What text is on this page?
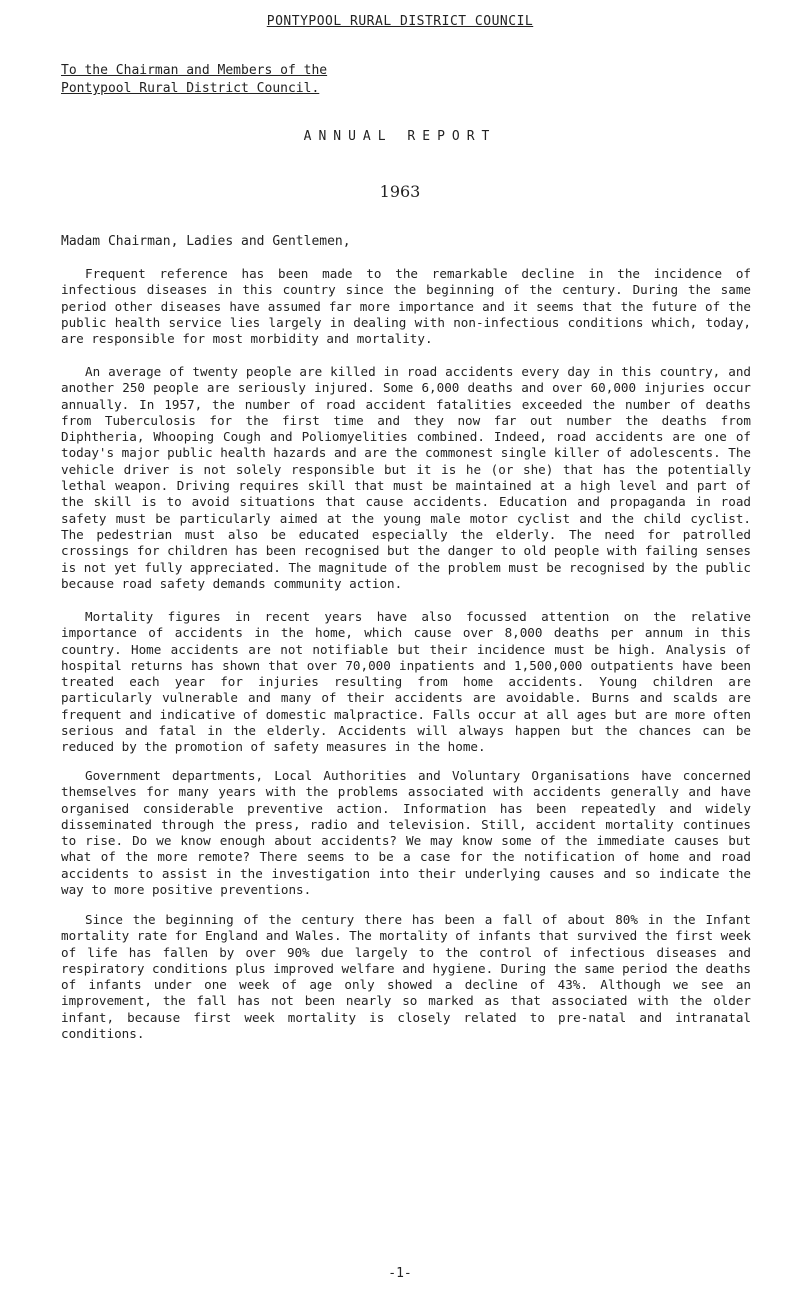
PONTYPOOL RURAL DISTRICT COUNCIL
To the Chairman and Members of the
Pontypool Rural District Council.
ANNUAL REPORT
1963
Madam Chairman, Ladies and Gentlemen,

Frequent reference has been made to the remarkable decline in the incidence of infectious diseases in this country since the beginning of the century. During the same period other diseases have assumed far more importance and it seems that the future of the public health service lies largely in dealing with non-infectious conditions which, today, are responsible for most morbidity and mortality.

An average of twenty people are killed in road accidents every day in this country, and another 250 people are seriously injured. Some 6,000 deaths and over 60,000 injuries occur annually. In 1957, the number of road accident fatalities exceeded the number of deaths from Tuberculosis for the first time and they now far out number the deaths from Diphtheria, Whooping Cough and Poliomyelities combined. Indeed, road accidents are one of today's major public health hazards and are the commonest single killer of adolescents. The vehicle driver is not solely responsible but it is he (or she) that has the potentially lethal weapon. Driving requires skill that must be maintained at a high level and part of the skill is to avoid situations that cause accidents. Education and propaganda in road safety must be particularly aimed at the young male motor cyclist and the child cyclist. The pedestrian must also be educated especially the elderly. The need for patrolled crossings for children has been recognised but the danger to old people with failing senses is not yet fully appreciated. The magnitude of the problem must be recognised by the public because road safety demands community action.

Mortality figures in recent years have also focussed attention on the relative importance of accidents in the home, which cause over 8,000 deaths per annum in this country. Home accidents are not notifiable but their incidence must be high. Analysis of hospital returns has shown that over 70,000 inpatients and 1,500,000 outpatients have been treated each year for injuries resulting from home accidents. Young children are particularly vulnerable and many of their accidents are avoidable. Burns and scalds are frequent and indicative of domestic malpractice. Falls occur at all ages but are more often serious and fatal in the elderly. Accidents will always happen but the chances can be reduced by the promotion of safety measures in the home.

Government departments, Local Authorities and Voluntary Organisations have concerned themselves for many years with the problems associated with accidents generally and have organised considerable preventive action. Information has been repeatedly and widely disseminated through the press, radio and television. Still, accident mortality continues to rise. Do we know enough about accidents? We may know some of the immediate causes but what of the more remote? There seems to be a case for the notification of home and road accidents to assist in the investigation into their underlying causes and so indicate the way to more positive preventions.

Since the beginning of the century there has been a fall of about 80% in the Infant mortality rate for England and Wales. The mortality of infants that survived the first week of life has fallen by over 90% due largely to the control of infectious diseases and respiratory conditions plus improved welfare and hygiene. During the same period the deaths of infants under one week of age only showed a decline of 43%. Although we see an improvement, the fall has not been nearly so marked as that associated with the older infant, because first week mortality is closely related to pre-natal and intranatal conditions.

-1-
